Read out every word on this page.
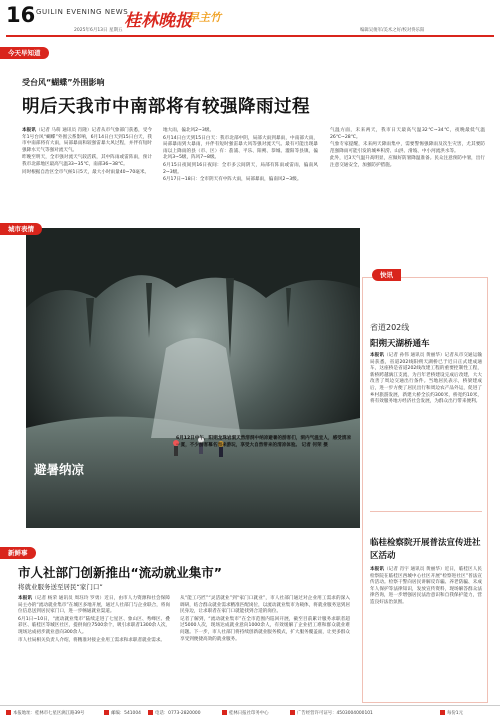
16 GUILIN EVENING NEWS
2025年6月13日 星期五 桂林晚报
早主竹
编辑吴俊军/美术之好/校对佟乐阳
今天早知道
受台风“蝴蝶”外围影响
明后天我市中南部将有较强降雨过程

本报讯（记者 马萌 通讯员 肖隆）记者从市气象部门获悉，受今年1号台风“蝴蝶”外围云系影响，6月14日白天到15日白天，我市中南部将有大雨，局部暴雨和较强雷暴大风过程，并伴有短时强降水天气等强对流天气。

昨晚至明天，全市强对流天气较活跃，其中阵雨或雷阵雨，预计我市北部地区最高气温33~35℃，南部36~38℃。

同时根据自治区全市气候1日5天，最大小时雨量40~70毫米。

地大雨，偏北风2~3级。

6月14日白天到15日白天：我市北部中阴，局部大雨到暴雨，中南部大雨，局部暴雨到大暴雨，并伴有短时强雷暴大风等强对流天气。最有可能出现暴雨以上降雨的县（市、区）有：荔浦、平乐、阳朔、恭城、灌阳等县镇，偏北风3~5级，阵风7~8级。

6月15日夜间到16日夜间：全市多云间阴天，局部有阵雨或雷雨，偏南风2~3级。

6月17日~18日：全市阴天有中阵大雨，局部暴雨，偏南风2~3级。

气温方面，未来两天，我市日天最高气温32℃~34℃，夜晚最低气温26℃~28℃。

气象专家提醒，未来两天降雨集中，需要警惕强降雨及次生灾害，尤其要防范强降雨可能引发的城乡积涝、山洪、滑坡、中小河流洪水等。

此外，近3天气温升高明显，应做好防暑降温准备。民众注意预防中暑，出行注意交通安全，加强防护措施。

城市表情
避暑纳凉
6月12日中午，阳朔龙珠岩洞天然溶洞中纳凉避暑的游客们，洞内气温宜人，感受清凉一夏，不少游客慕名而来游玩，享受大自然带来的清凉体验。 记者 何荣 摄
快讯
省道202线
阳朔天湖桥通车

本报讯（记者 孙伟 通讯员 黄丽华）记者从市交通运输局获悉，省道202线阳朔天湖桥已于近日正式建成通车，这座桥是省道202线改建工程的重要控制性工程，新桥跨越漓江支流，为百年老桥建设完成后改建，大大改善了周边交通出行条件。当地居民表示，桥梁建成后，进一步方便了居民出行和周边农产品外运，促进了乡村旅游发展，新建大桥全长约300米，桥宽约10米，将有效服务地方经济社会发展，为群众出行带来便利。

临桂检察院开展普法宣传进社区活动

本报讯（记者 肖宇 通讯员 黄丽华）近日，临桂区人民检察院在临桂区西城中心社区开展“检察进社区”普法宣传活动。检察干警向居民讲解反诈骗、养老防骗、未成年人保护等法律知识，发放宣传资料，现场解答群众法律咨询，进一步增强居民法治意识和自我保护能力，营造良好法治氛围。

新鲜事
市人社部门创新推出“流动就业集市”
将就业服务送至居民“家门口”

本报讯（记者 杨荣 通讯员 周珏玲 罗勇）近日，由市人力资源和社会保障局主办的“流动就业集市”在城区多地开展，通过人社部门与企业联合，将岗位信息送到居民家门口，进一步畅通就业渠道。

6月1日~10日，“流动就业集市”陆续走进了七星区、象山区、秀峰区、叠彩区、临桂区等城区社区，提供岗位7500余个，吸引求职者1300余人次，现场达成初步就业意向300余人。

市人社局相关负责人介绍，将精准对接企业用工需求和求职者就业需求。

从“能工巧匠”“灵活就业”到“家门口就业”，市人社部门通过对企业用工需求的深入调研，结合群众就业需求精准匹配岗位，以流动就业集市为载体，将就业服务送到居民身边，让求职者在家门口就能找到合适的岗位。

记者了解到，“流动就业集市”在全市范围内巡回开展，截至目前累计服务求职者超过5000人次，现场达成就业意向1000余人，有效缓解了企业招工难和群众就业难问题。下一步，市人社部门将持续创新就业服务模式，扩大服务覆盖面，让更多群众享受到便捷高效的就业服务。

本报地址：桂林市七星区漓江路39号	邮编：541004	电话：0773-2820000	桂林日报社印务中心	广告经营许可证号：4503004000101	每份1元
